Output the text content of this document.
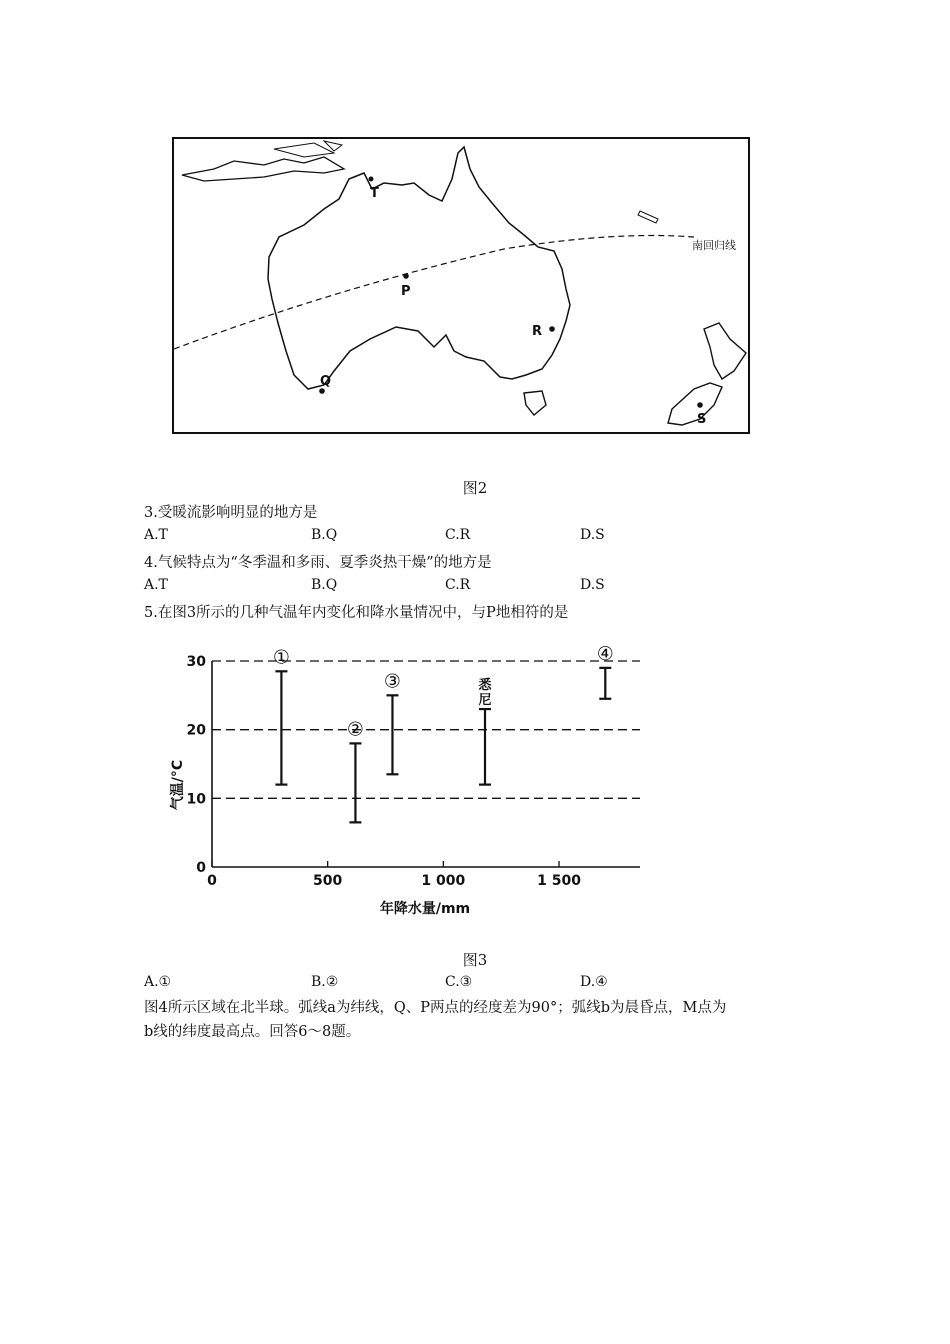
南回归线
T
P
Q
R
S
图2
3.受暖流影响明显的地方是
A.T	B.Q	C.R	D.S
4.气候特点为“冬季温和多雨、夏季炎热干燥”的地方是
A.T	B.Q	C.R	D.S
5.在图3所示的几种气温年内变化和降水量情况中，与P地相符的是
0
10
20
30
0	500	1 000	1 500
①
②
③	悉
尼
④
气温/°C
年降水量/mm
图3
A.①	B.②	C.③	D.④
图4所示区域在北半球。弧线a为纬线，Q、P两点的经度差为90°；弧线b为晨昏点，M点为
b线的纬度最高点。回答6～8题。
